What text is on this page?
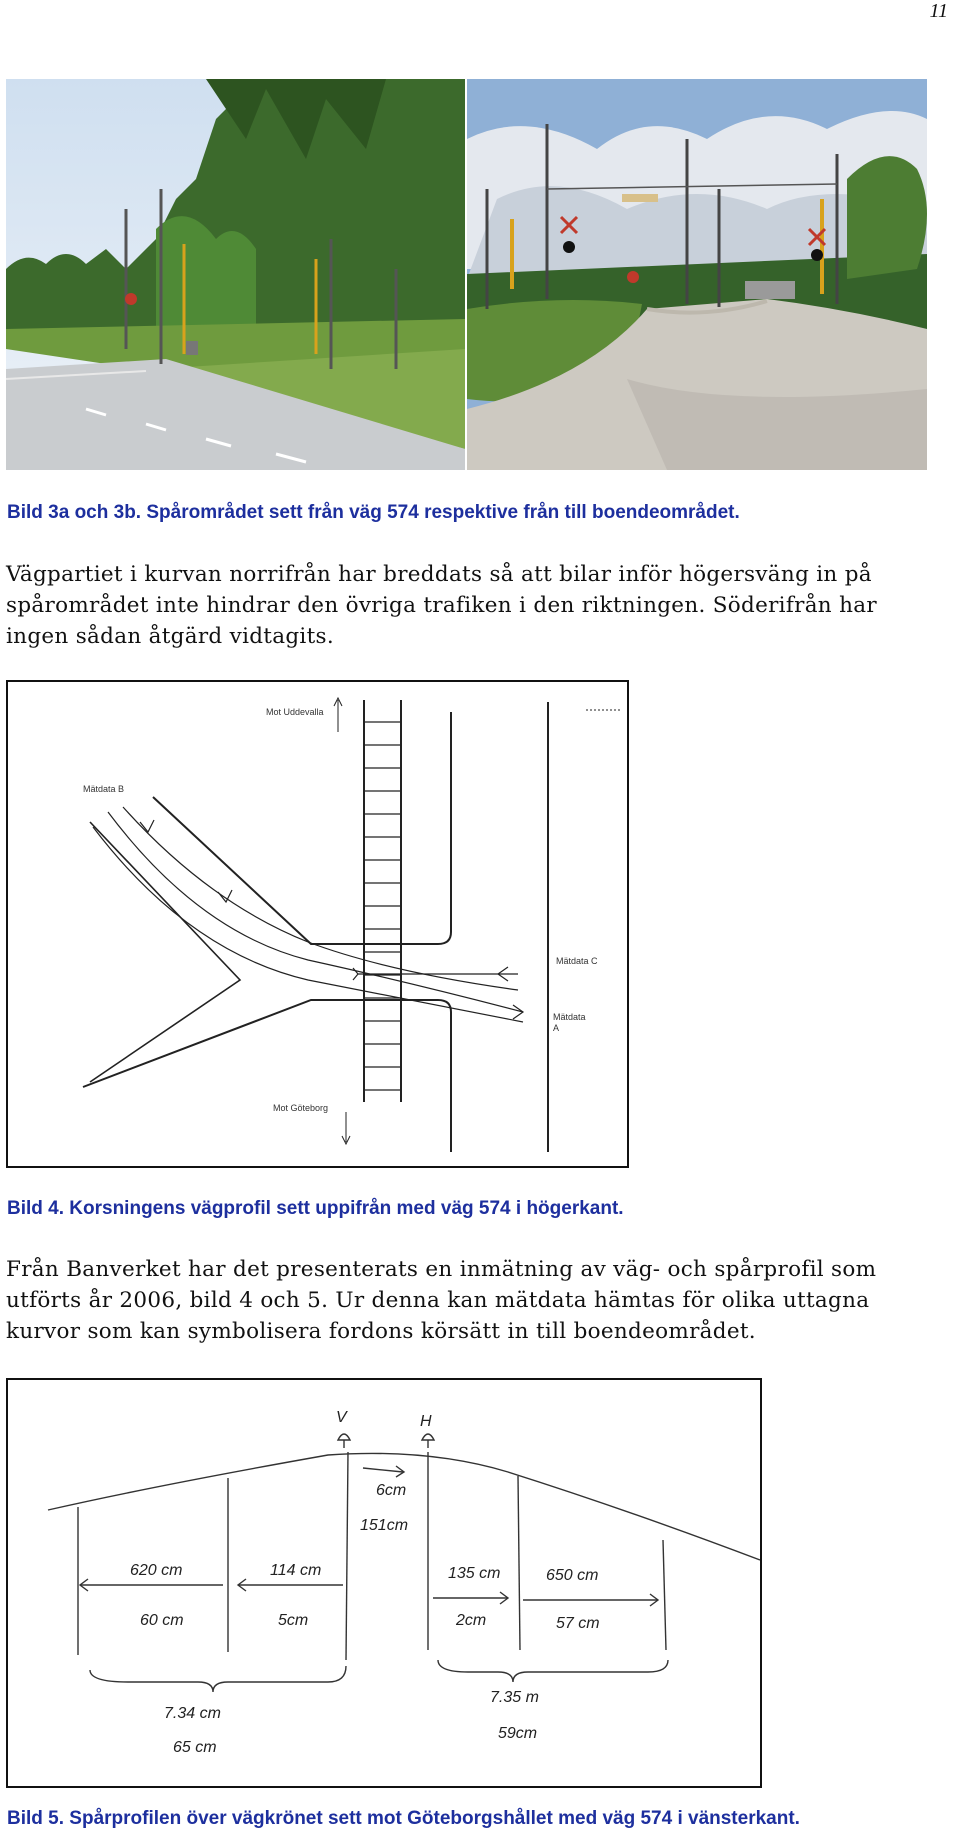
11
Bild 3a och 3b. Spårområdet sett från väg 574 respektive från till boendeområdet.
Vägpartiet i kurvan norrifrån har breddats så att bilar inför högersväng in på
spårområdet inte hindrar den övriga trafiken i den riktningen. Söderifrån har
ingen sådan åtgärd vidtagits.
Mot Uddevalla
Mätdata B
Mätdata C
Mätdata
A
Mot Göteborg
Bild 4. Korsningens vägprofil sett uppifrån med väg 574 i högerkant.
Från Banverket har det presenterats en inmätning av väg- och spårprofil som
utförts år 2006, bild 4 och 5. Ur denna kan mätdata hämtas för olika uttagna
kurvor som kan symbolisera fordons körsätt in till boendeområdet.
V	H
6cm
151cm
620 cm
60 cm
114 cm
5cm
135 cm
2cm
650 cm
57 cm
7.34 cm
65 cm
7.35 m
59cm
Bild 5. Spårprofilen över vägkrönet sett mot Göteborgshållet med väg 574 i vänsterkant.
